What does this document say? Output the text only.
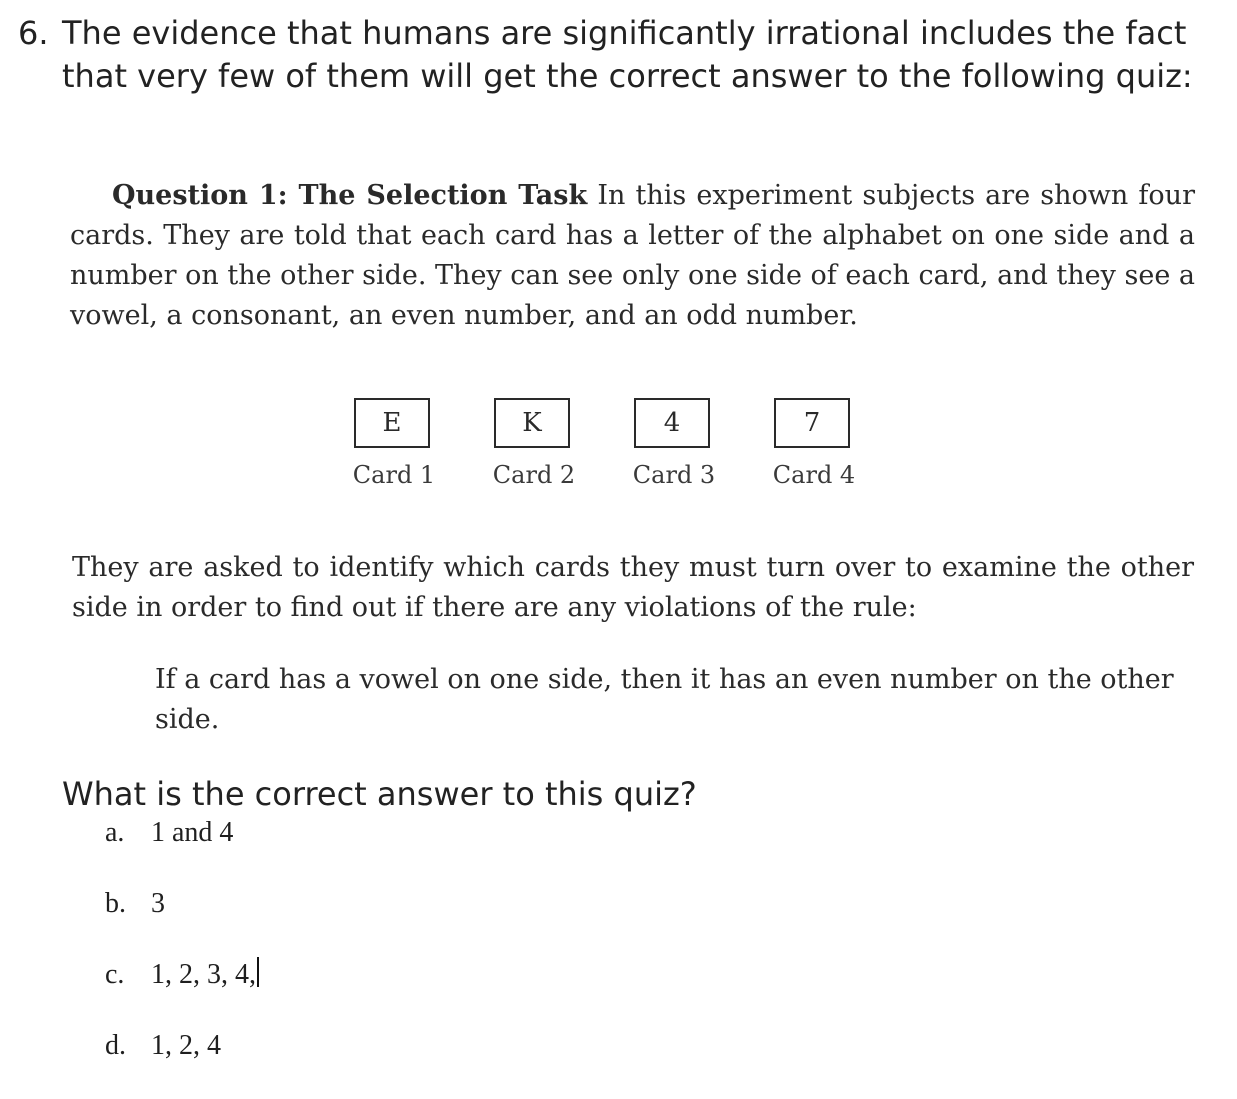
6. The evidence that humans are significantly irrational includes the fact that very few of them will get the correct answer to the following quiz:
Question 1: The Selection Task In this experiment subjects are shown four cards. They are told that each card has a letter of the alphabet on one side and a number on the other side. They can see only one side of each card, and they see a vowel, a consonant, an even number, and an odd number.
E
Card 1
K
Card 2
4
Card 3
7
Card 4
They are asked to identify which cards they must turn over to examine the other side in order to find out if there are any violations of the rule:
If a card has a vowel on one side, then it has an even number on the other side.
What is the correct answer to this quiz?
a. 1 and 4
b. 3
c. 1, 2, 3, 4,
d. 1, 2, 4
